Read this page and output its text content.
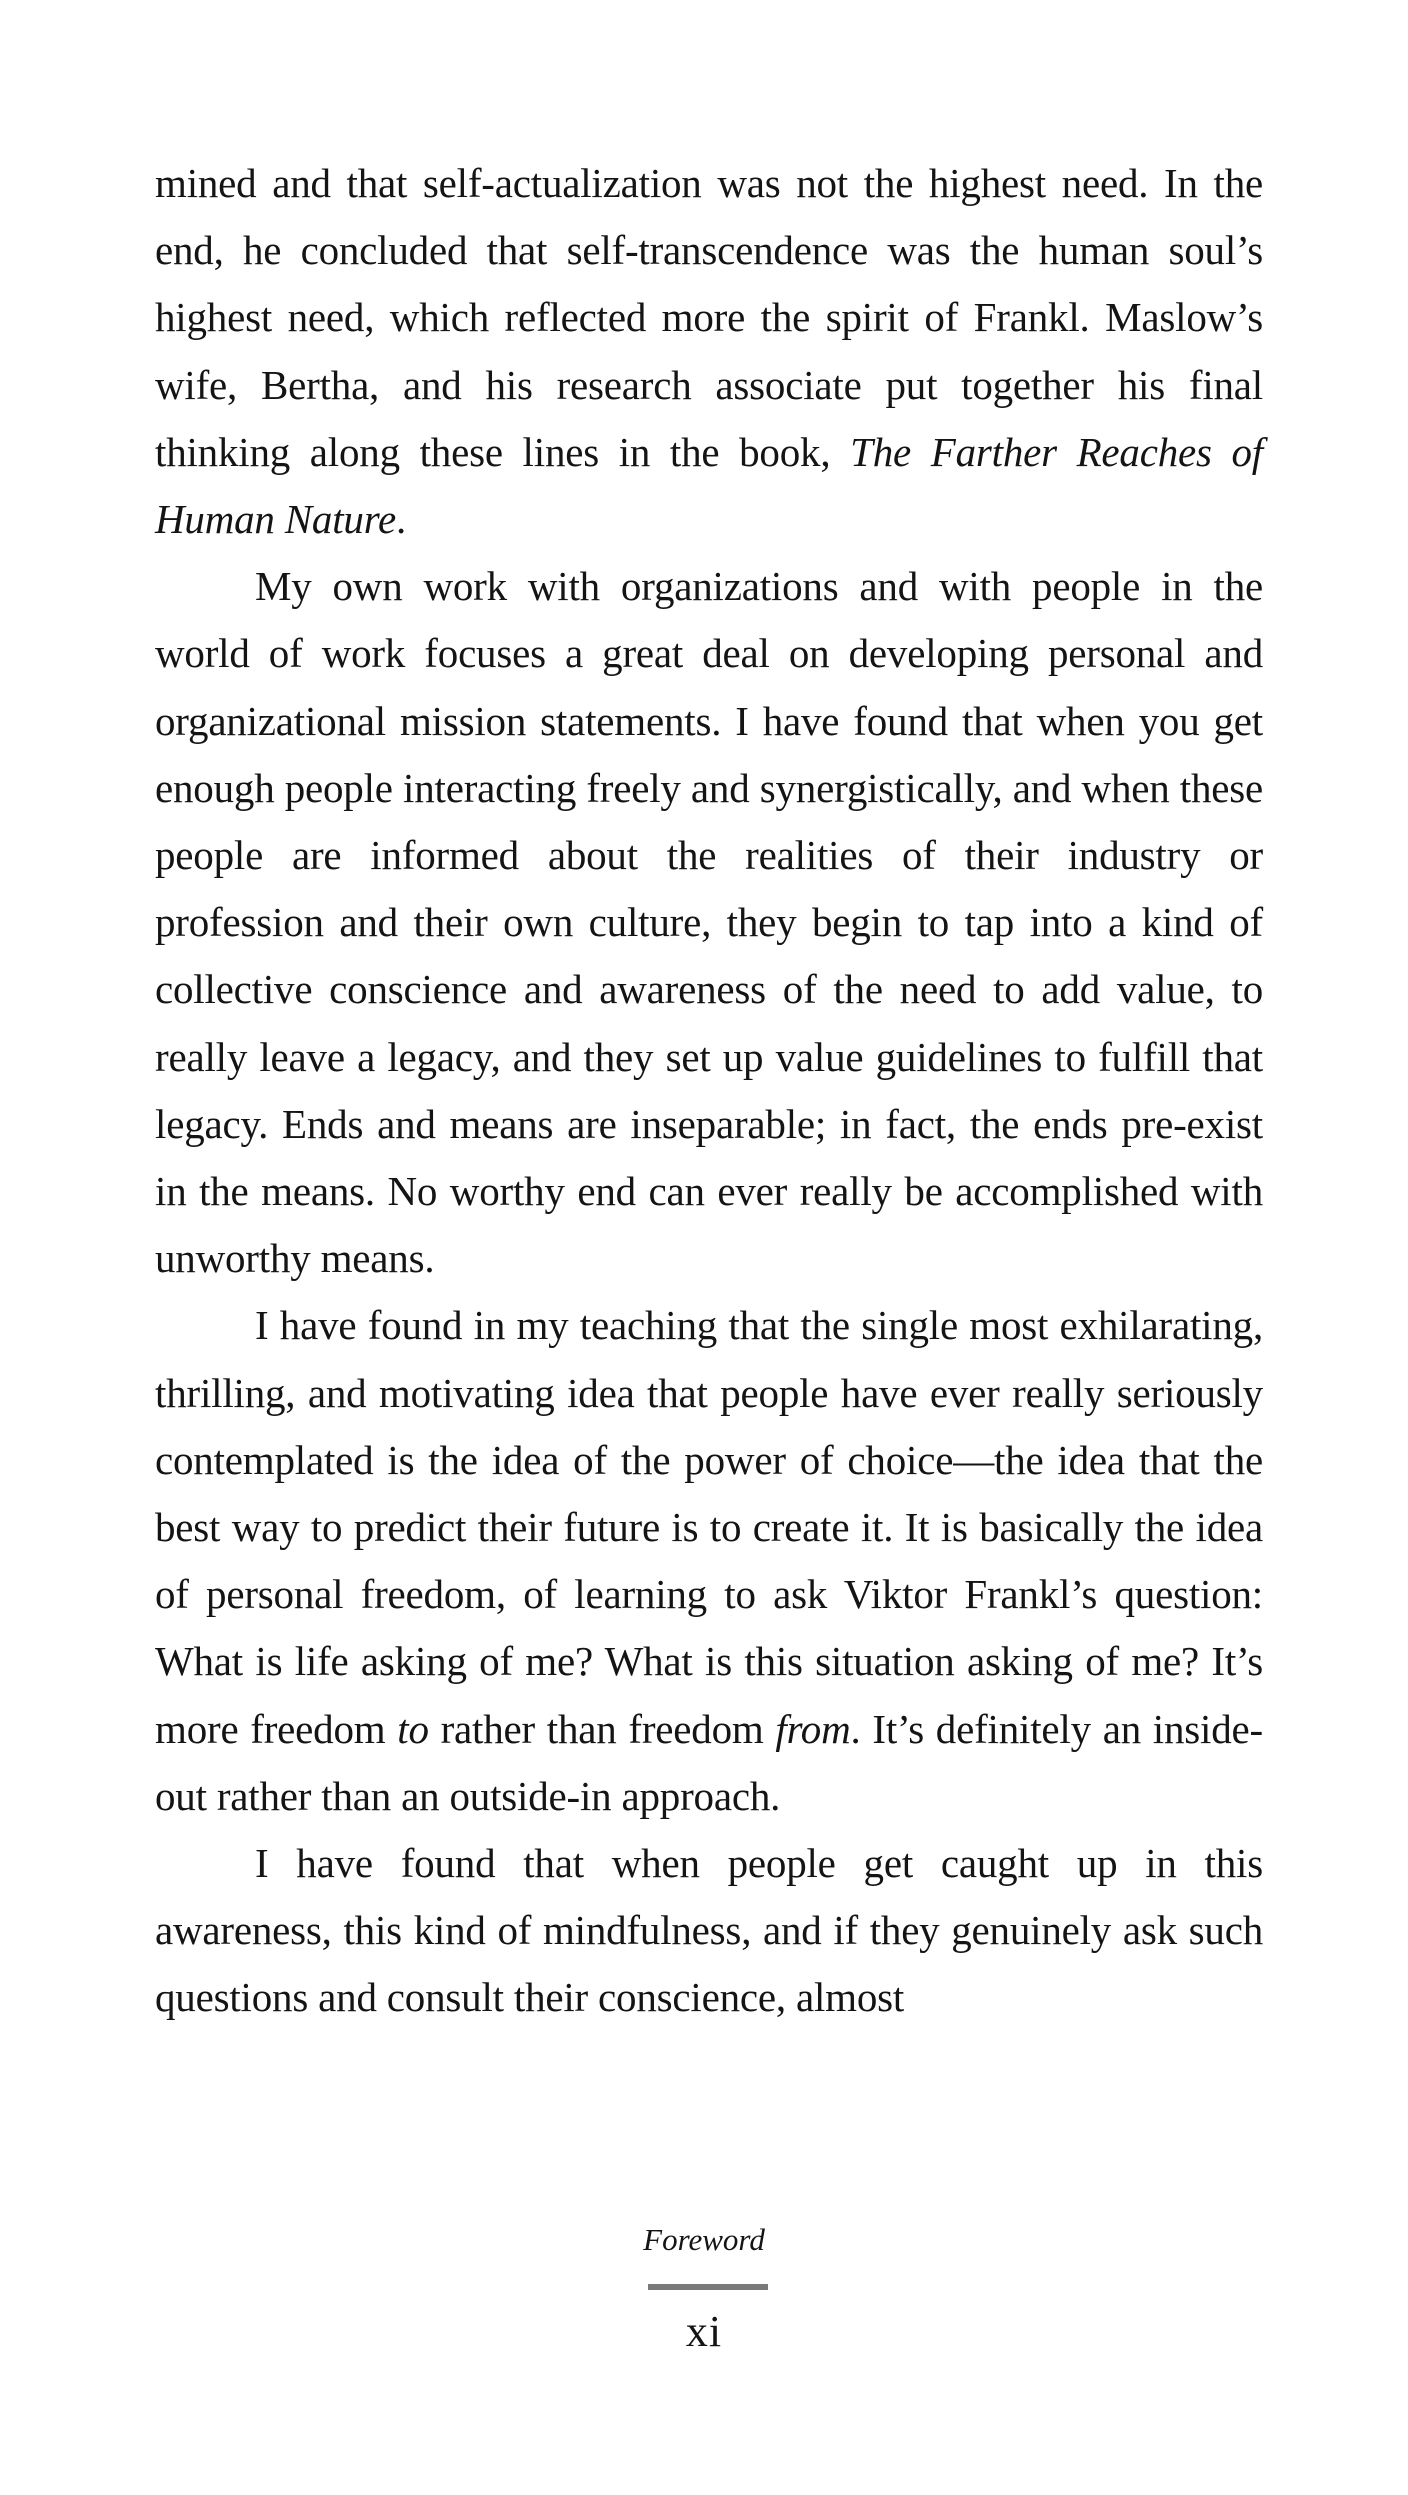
mined and that self-actualization was not the highest need. In the end, he concluded that self-transcendence was the human soul’s highest need, which reflected more the spirit of Frankl. Maslow’s wife, Bertha, and his research associate put together his final thinking along these lines in the book, The Farther Reaches of Human Nature.

My own work with organizations and with people in the world of work focuses a great deal on developing personal and organizational mission statements. I have found that when you get enough people interacting freely and synergistically, and when these people are informed about the realities of their industry or profession and their own culture, they begin to tap into a kind of collective conscience and awareness of the need to add value, to really leave a legacy, and they set up value guidelines to fulfill that legacy. Ends and means are inseparable; in fact, the ends pre-exist in the means. No worthy end can ever really be accomplished with unworthy means.

I have found in my teaching that the single most exhilarating, thrilling, and motivating idea that people have ever really seriously contemplated is the idea of the power of choice—the idea that the best way to predict their future is to create it. It is basically the idea of personal freedom, of learning to ask Viktor Frankl’s question: What is life asking of me? What is this situation asking of me? It’s more freedom to rather than freedom from. It’s definitely an inside-out rather than an outside-in approach.

I have found that when people get caught up in this awareness, this kind of mindfulness, and if they genuinely ask such questions and consult their conscience, almost

Foreword
xi
